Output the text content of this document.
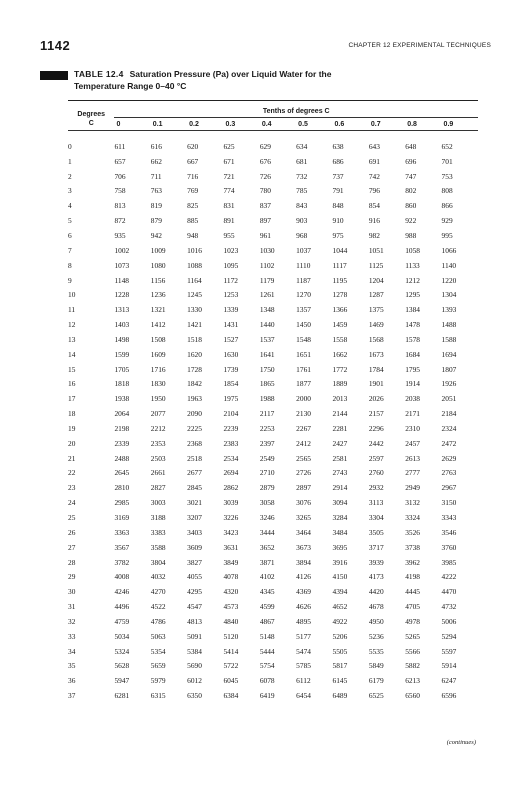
1142	CHAPTER 12 EXPERIMENTAL TECHNIQUES
TABLE 12.4 Saturation Pressure (Pa) over Liquid Water for the
Temperature Range 0–40 °C

Degrees
C	Tenths of degrees C									
	0	0.1	0.2	0.3	0.4	0.5	0.6	0.7	0.8	0.9

0	611	616	620	625	629	634	638	643	648	652
1	657	662	667	671	676	681	686	691	696	701
2	706	711	716	721	726	732	737	742	747	753
3	758	763	769	774	780	785	791	796	802	808
4	813	819	825	831	837	843	848	854	860	866
5	872	879	885	891	897	903	910	916	922	929
6	935	942	948	955	961	968	975	982	988	995
7	1002	1009	1016	1023	1030	1037	1044	1051	1058	1066
8	1073	1080	1088	1095	1102	1110	1117	1125	1133	1140
9	1148	1156	1164	1172	1179	1187	1195	1204	1212	1220
10	1228	1236	1245	1253	1261	1270	1278	1287	1295	1304
11	1313	1321	1330	1339	1348	1357	1366	1375	1384	1393
12	1403	1412	1421	1431	1440	1450	1459	1469	1478	1488
13	1498	1508	1518	1527	1537	1548	1558	1568	1578	1588
14	1599	1609	1620	1630	1641	1651	1662	1673	1684	1694
15	1705	1716	1728	1739	1750	1761	1772	1784	1795	1807
16	1818	1830	1842	1854	1865	1877	1889	1901	1914	1926
17	1938	1950	1963	1975	1988	2000	2013	2026	2038	2051
18	2064	2077	2090	2104	2117	2130	2144	2157	2171	2184
19	2198	2212	2225	2239	2253	2267	2281	2296	2310	2324
20	2339	2353	2368	2383	2397	2412	2427	2442	2457	2472
21	2488	2503	2518	2534	2549	2565	2581	2597	2613	2629
22	2645	2661	2677	2694	2710	2726	2743	2760	2777	2763
23	2810	2827	2845	2862	2879	2897	2914	2932	2949	2967
24	2985	3003	3021	3039	3058	3076	3094	3113	3132	3150
25	3169	3188	3207	3226	3246	3265	3284	3304	3324	3343
26	3363	3383	3403	3423	3444	3464	3484	3505	3526	3546
27	3567	3588	3609	3631	3652	3673	3695	3717	3738	3760
28	3782	3804	3827	3849	3871	3894	3916	3939	3962	3985
29	4008	4032	4055	4078	4102	4126	4150	4173	4198	4222
30	4246	4270	4295	4320	4345	4369	4394	4420	4445	4470
31	4496	4522	4547	4573	4599	4626	4652	4678	4705	4732
32	4759	4786	4813	4840	4867	4895	4922	4950	4978	5006
33	5034	5063	5091	5120	5148	5177	5206	5236	5265	5294
34	5324	5354	5384	5414	5444	5474	5505	5535	5566	5597
35	5628	5659	5690	5722	5754	5785	5817	5849	5882	5914
36	5947	5979	6012	6045	6078	6112	6145	6179	6213	6247
37	6281	6315	6350	6384	6419	6454	6489	6525	6560	6596
(continues)
